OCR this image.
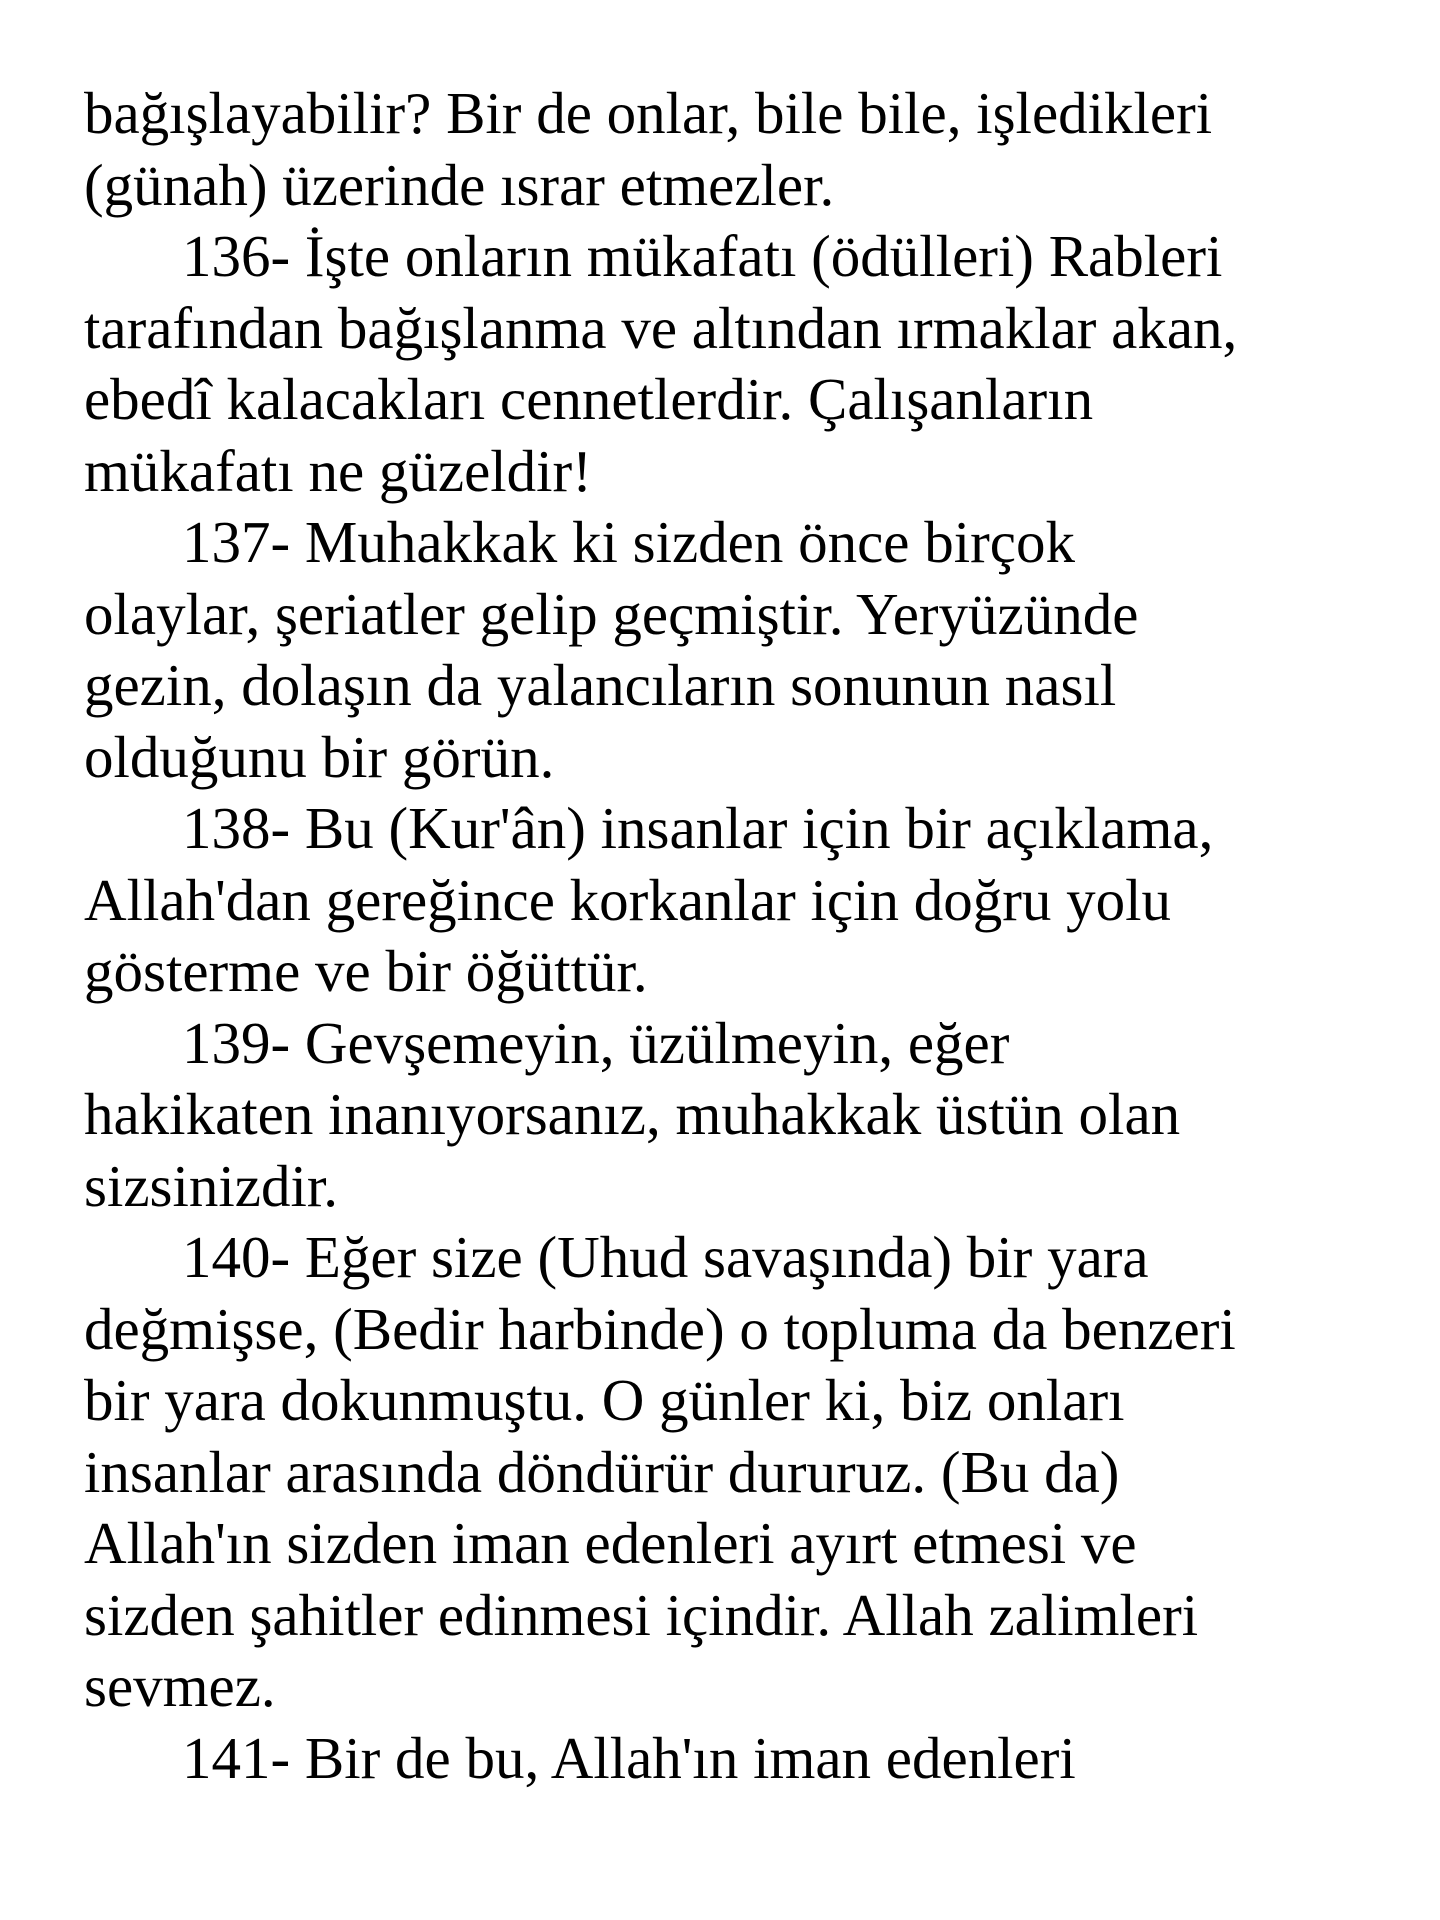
bağışlayabilir? Bir de onlar, bile bile, işledikleri
(günah) üzerinde ısrar etmezler.
136- İşte onların mükafatı (ödülleri) Rableri
tarafından bağışlanma ve altından ırmaklar akan,
ebedî kalacakları cennetlerdir. Çalışanların
mükafatı ne güzeldir!
137- Muhakkak ki sizden önce birçok
olaylar, şeriatler gelip geçmiştir. Yeryüzünde
gezin, dolaşın da yalancıların sonunun nasıl
olduğunu bir görün.
138- Bu (Kur'ân) insanlar için bir açıklama,
Allah'dan gereğince korkanlar için doğru yolu
gösterme ve bir öğüttür.
139- Gevşemeyin, üzülmeyin, eğer
hakikaten inanıyorsanız, muhakkak üstün olan
sizsinizdir.
140- Eğer size (Uhud savaşında) bir yara
değmişse, (Bedir harbinde) o topluma da benzeri
bir yara dokunmuştu. O günler ki, biz onları
insanlar arasında döndürür dururuz. (Bu da)
Allah'ın sizden iman edenleri ayırt etmesi ve
sizden şahitler edinmesi içindir. Allah zalimleri
sevmez.
141- Bir de bu, Allah'ın iman edenleri
